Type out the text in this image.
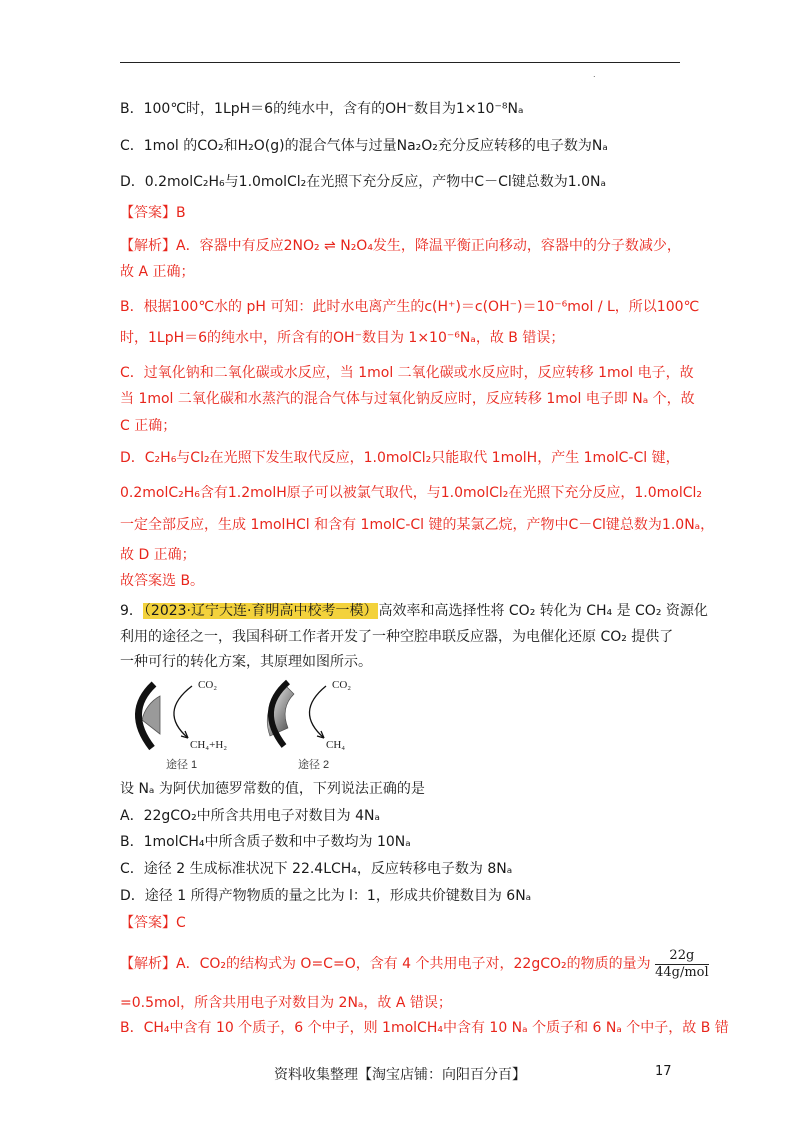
.
B．100℃时，1LpH＝6的纯水中，含有的OH⁻数目为1×10⁻⁸Nₐ
C．1mol 的CO₂和H₂O(g)的混合气体与过量Na₂O₂充分反应转移的电子数为Nₐ
D．0.2molC₂H₆与1.0molCl₂在光照下充分反应，产物中C－Cl键总数为1.0Nₐ
【答案】B
【解析】A．容器中有反应2NO₂ ⇌ N₂O₄发生，降温平衡正向移动，容器中的分子数减少，
故 A 正确；
B．根据100℃水的 pH 可知：此时水电离产生的c(H⁺)＝c(OH⁻)＝10⁻⁶mol / L，所以100℃
时，1LpH＝6的纯水中，所含有的OH⁻数目为 1×10⁻⁶Nₐ，故 B 错误；
C．过氧化钠和二氧化碳或水反应，当 1mol 二氧化碳或水反应时，反应转移 1mol 电子，故
当 1mol 二氧化碳和水蒸汽的混合气体与过氧化钠反应时，反应转移 1mol 电子即 Nₐ 个，故
C 正确；
D．C₂H₆与Cl₂在光照下发生取代反应，1.0molCl₂只能取代 1molH，产生 1molC-Cl 键，
0.2molC₂H₆含有1.2molH原子可以被氯气取代，与1.0molCl₂在光照下充分反应，1.0molCl₂
一定全部反应，生成 1molHCl 和含有 1molC-Cl 键的某氯乙烷，产物中C－Cl键总数为1.0Nₐ，
故 D 正确；
故答案选 B。
9．（2023·辽宁大连·育明高中校考一模）高效率和高选择性将 CO₂ 转化为 CH₄ 是 CO₂ 资源化
利用的途径之一，我国科研工作者开发了一种空腔串联反应器，为电催化还原 CO₂ 提供了
一种可行的转化方案，其原理如图所示。
CO₂
CH₄+H₂
途径 1
CO₂
CH₄
途径 2
设 Nₐ 为阿伏加德罗常数的值，下列说法正确的是
A．22gCO₂中所含共用电子对数目为 4Nₐ
B．1molCH₄中所含质子数和中子数均为 10Nₐ
C．途径 2 生成标准状况下 22.4LCH₄，反应转移电子数为 8Nₐ
D．途径 1 所得产物物质的量之比为 l：1，形成共价键数目为 6Nₐ
【答案】C
【解析】A．CO₂的结构式为 O=C=O，含有 4 个共用电子对，22gCO₂的物质的量为 $\frac{22g}{\text{44g/mol}}$
=0.5mol，所含共用电子对数目为 2Nₐ，故 A 错误；
B．CH₄中含有 10 个质子，6 个中子，则 1molCH₄中含有 10 Nₐ 个质子和 6 Nₐ 个中子，故 B 错
资料收集整理【淘宝店铺：向阳百分百】	17
